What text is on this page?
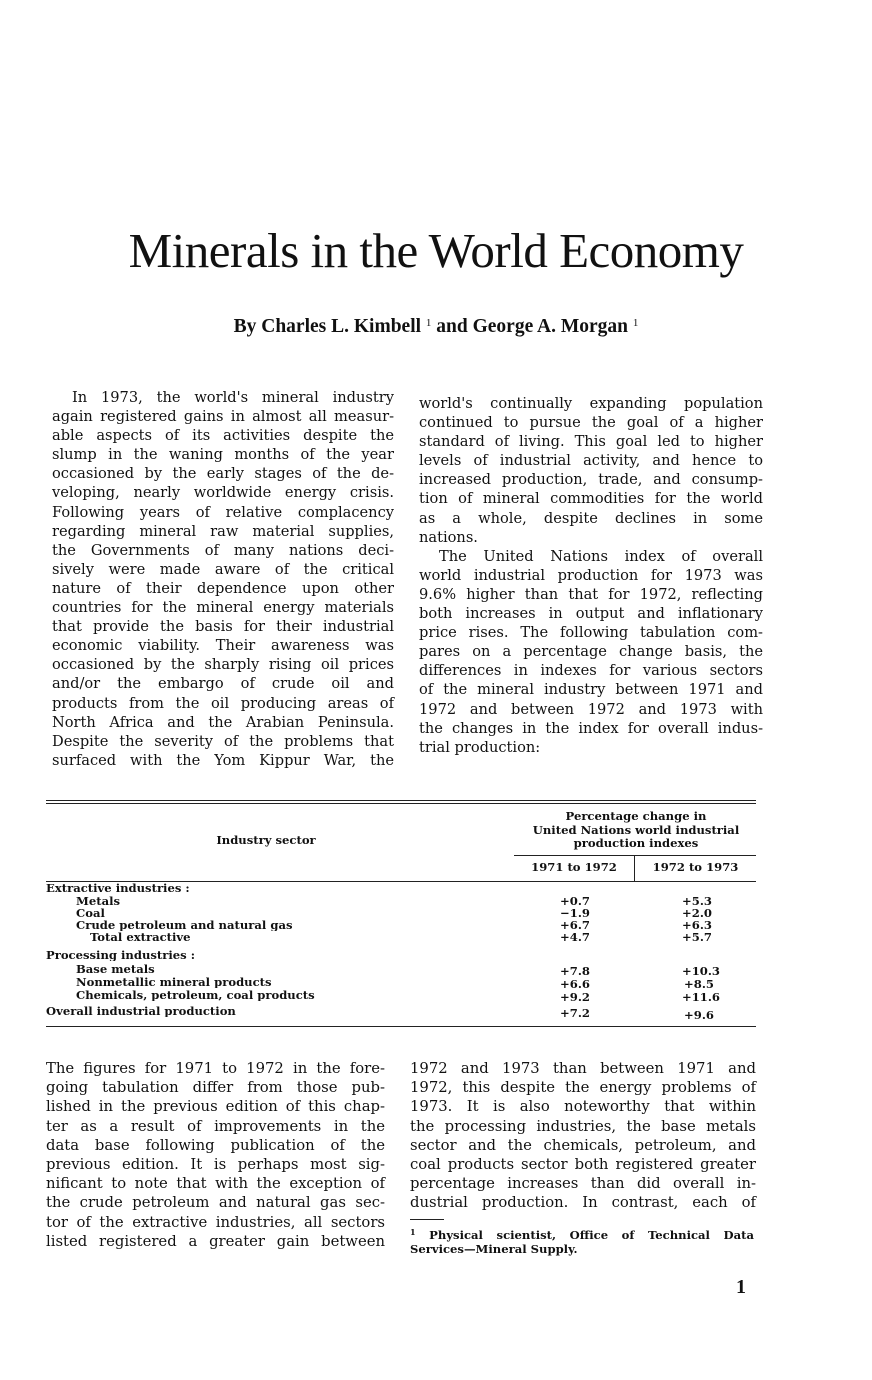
Minerals in the World Economy

By Charles L. Kimbell $^1$ and George A. Morgan $^1$

In 1973, the world's mineral industry
again registered gains in almost all measur-
able aspects of its activities despite the
slump in the waning months of the year
occasioned by the early stages of the de-
veloping, nearly worldwide energy crisis.
Following years of relative complacency
regarding mineral raw material supplies,
the Governments of many nations deci-
sively were made aware of the critical
nature of their dependence upon other
countries for the mineral energy materials
that provide the basis for their industrial
economic viability. Their awareness was
occasioned by the sharply rising oil prices
and/or the embargo of crude oil and
products from the oil producing areas of
North Africa and the Arabian Peninsula.
Despite the severity of the problems that
surfaced with the Yom Kippur War, the
world's continually expanding population
continued to pursue the goal of a higher
standard of living. This goal led to higher
levels of industrial activity, and hence to
increased production, trade, and consump-
tion of mineral commodities for the world
as a whole, despite declines in some
nations.
The United Nations index of overall
world industrial production for 1973 was
9.6% higher than that for 1972, reflecting
both increases in output and inflationary
price rises. The following tabulation com-
pares on a percentage change basis, the
differences in indexes for various sectors
of the mineral industry between 1971 and
1972 and between 1972 and 1973 with
the changes in the index for overall indus-
trial production:
Industry sector
Percentage change in
United Nations world industrial
production indexes
1971 to 1972	1972 to 1973
Extractive industries :
Metals	+0.7	+5.3
Coal	−1.9	+2.0
Crude petroleum and natural gas	+6.7	+6.3
Total extractive	+4.7	+5.7
Processing industries :
Base metals	+7.8	+10.3
Nonmetallic mineral products	+6.6	+8.5
Chemicals, petroleum, coal products	+9.2	+11.6
Overall industrial production	+7.2	+9.6
The figures for 1971 to 1972 in the fore-
going tabulation differ from those pub-
lished in the previous edition of this chap-
ter as a result of improvements in the
data base following publication of the
previous edition. It is perhaps most sig-
nificant to note that with the exception of
the crude petroleum and natural gas sec-
tor of the extractive industries, all sectors
listed registered a greater gain between
1972 and 1973 than between 1971 and
1972, this despite the energy problems of
1973. It is also noteworthy that within
the processing industries, the base metals
sector and the chemicals, petroleum, and
coal products sector both registered greater
percentage increases than did overall in-
dustrial production. In contrast, each of
$^1$ Physical scientist, Office of Technical Data
Services—Mineral Supply.
1
